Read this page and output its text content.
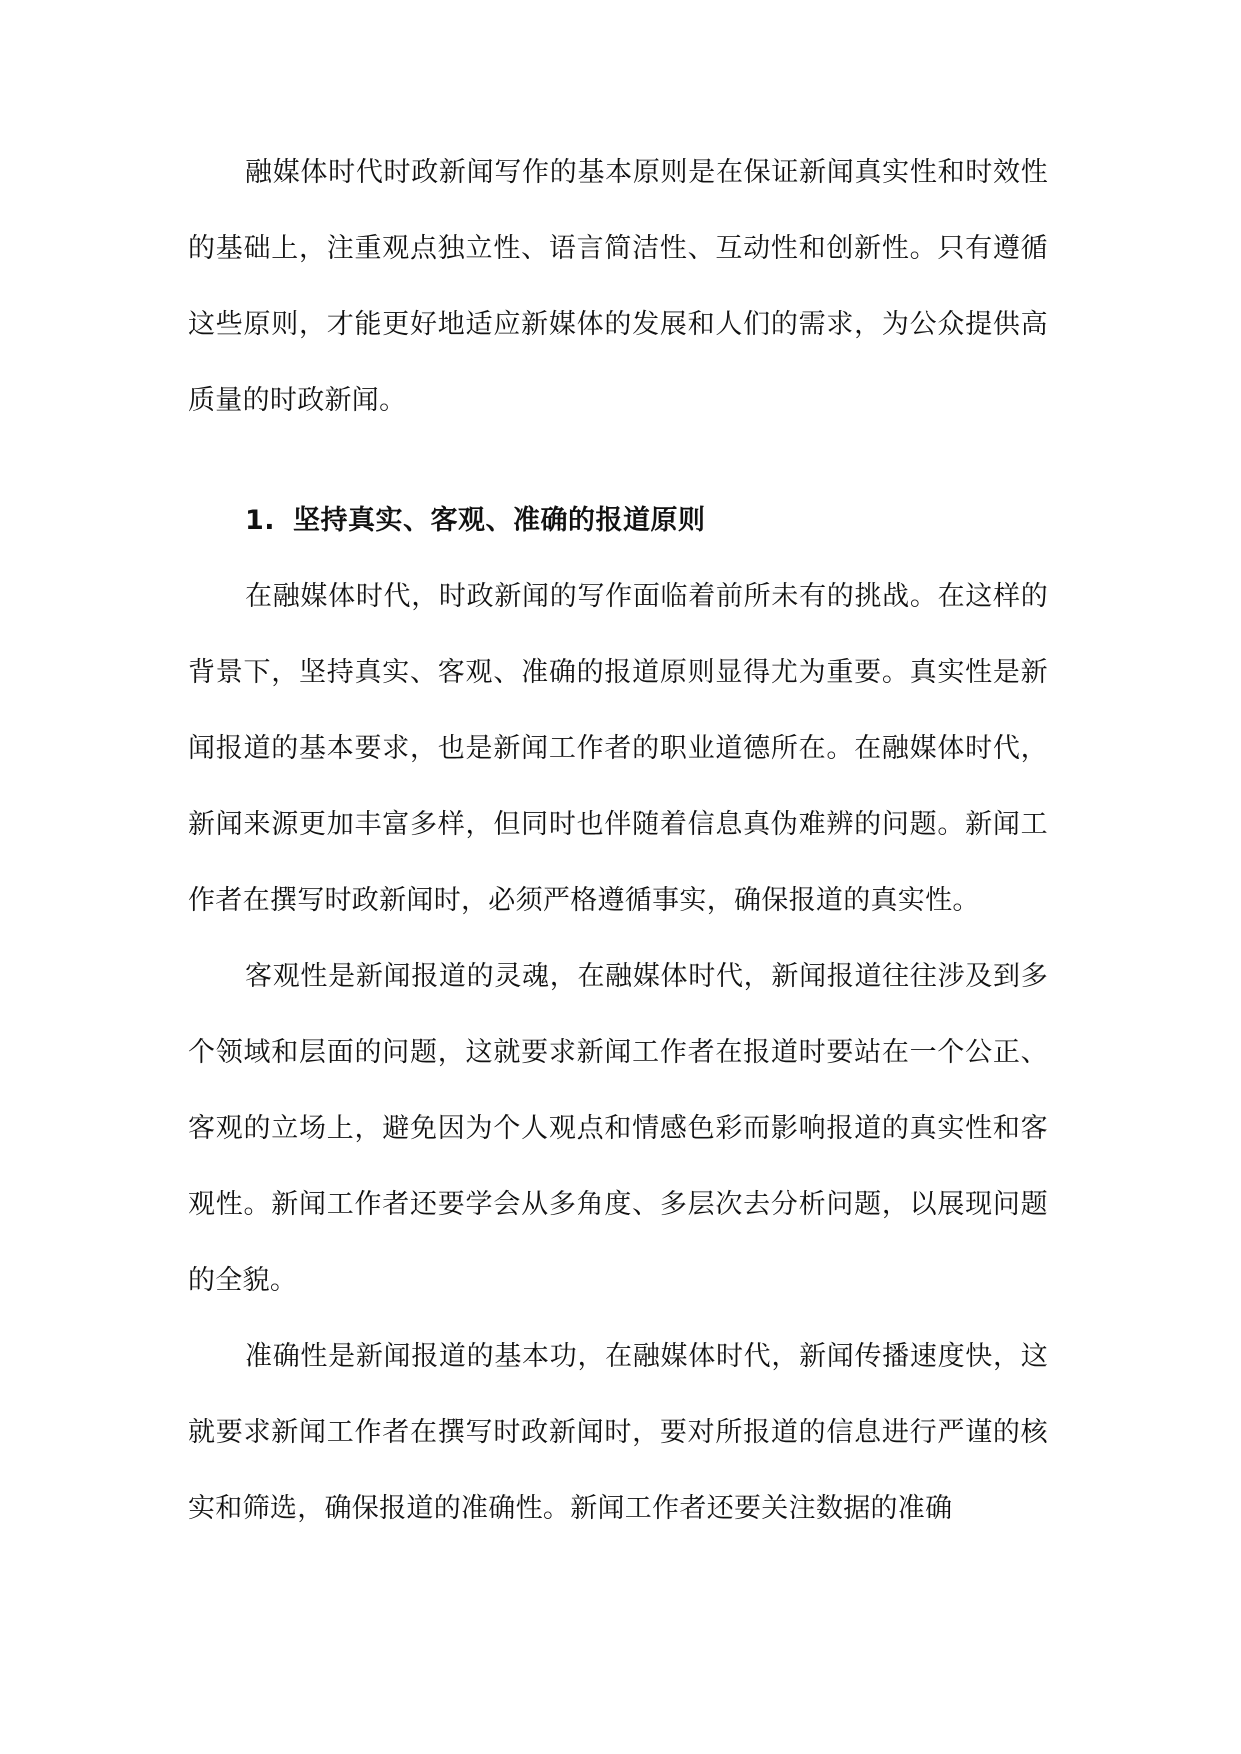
融媒体时代时政新闻写作的基本原则是在保证新闻真实性和时效性的基础上，注重观点独立性、语言简洁性、互动性和创新性。只有遵循这些原则，才能更好地适应新媒体的发展和人们的需求，为公众提供高质量的时政新闻。

1. 坚持真实、客观、准确的报道原则

在融媒体时代，时政新闻的写作面临着前所未有的挑战。在这样的背景下，坚持真实、客观、准确的报道原则显得尤为重要。真实性是新闻报道的基本要求，也是新闻工作者的职业道德所在。在融媒体时代，新闻来源更加丰富多样，但同时也伴随着信息真伪难辨的问题。新闻工作者在撰写时政新闻时，必须严格遵循事实，确保报道的真实性。

客观性是新闻报道的灵魂，在融媒体时代，新闻报道往往涉及到多个领域和层面的问题，这就要求新闻工作者在报道时要站在一个公正、客观的立场上，避免因为个人观点和情感色彩而影响报道的真实性和客观性。新闻工作者还要学会从多角度、多层次去分析问题，以展现问题的全貌。

准确性是新闻报道的基本功，在融媒体时代，新闻传播速度快，这就要求新闻工作者在撰写时政新闻时，要对所报道的信息进行严谨的核实和筛选，确保报道的准确性。新闻工作者还要关注数据的准确
